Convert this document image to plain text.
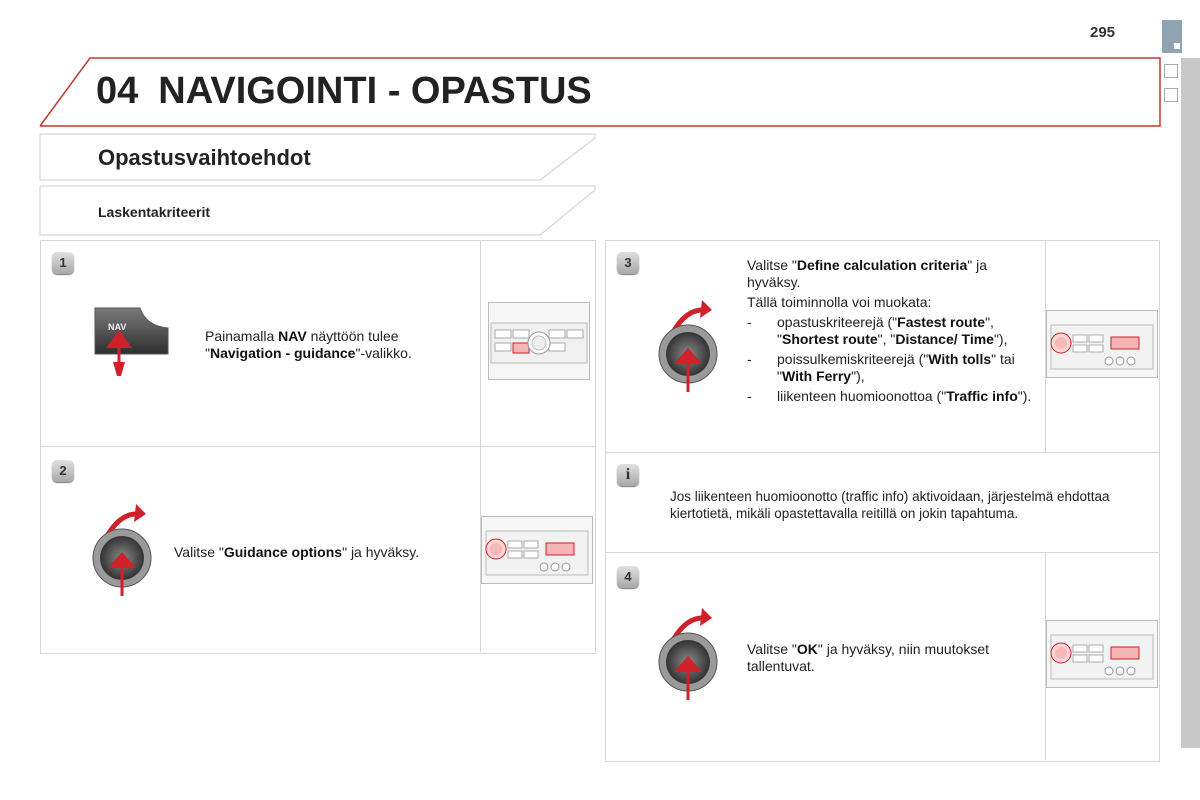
295
04 NAVIGOINTI - OPASTUS
Opastusvaihtoehdot
Laskentakriteerit
1
NAV
Painamalla NAV näyttöön tulee "Navigation - guidance"-valikko.
2
Valitse "Guidance options" ja hyväksy.
3	Valitse "Define calculation criteria" ja hyväksy.
Tällä toiminnolla voi muokata:
- opastuskriteerejä ("Fastest route", "Shortest route", "Distance/ Time"),
- poissulkemiskriteerejä ("With tolls" tai "With Ferry"),
- liikenteen huomioonottoa ("Traffic info").
i
Jos liikenteen huomioonotto (traffic info) aktivoidaan, järjestelmä ehdottaa kiertotietä, mikäli opastettavalla reitillä on jokin tapahtuma.
4
Valitse "OK" ja hyväksy, niin muutokset tallentuvat.
